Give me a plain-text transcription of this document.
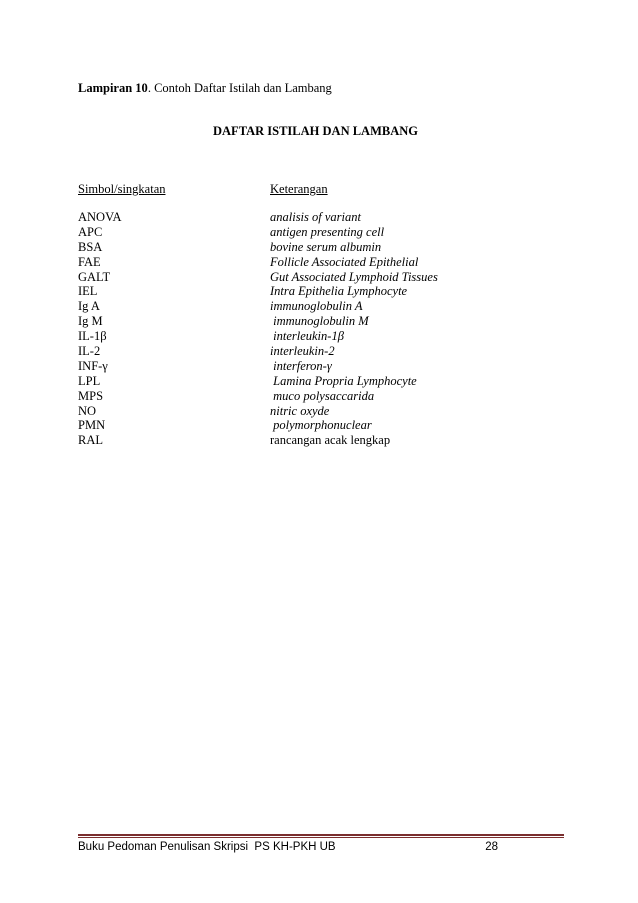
Lampiran 10. Contoh Daftar Istilah dan Lambang
DAFTAR ISTILAH DAN LAMBANG
Simbol/singkatan	Keterangan
ANOVA	analisis of variant
APC	antigen presenting cell
BSA	bovine serum albumin
FAE	Follicle Associated Epithelial
GALT	Gut Associated Lymphoid Tissues
IEL	Intra Epithelia Lymphocyte
Ig A	immunoglobulin A
Ig M	immunoglobulin M
IL-1β	interleukin-1β
IL-2	interleukin-2
INF-γ	interferon-γ
LPL	Lamina Propria Lymphocyte
MPS	muco polysaccarida
NO	nitric oxyde
PMN	polymorphonuclear
RAL	rancangan acak lengkap
Buku Pedoman Penulisan Skripsi  PS KH-PKH UB	28
